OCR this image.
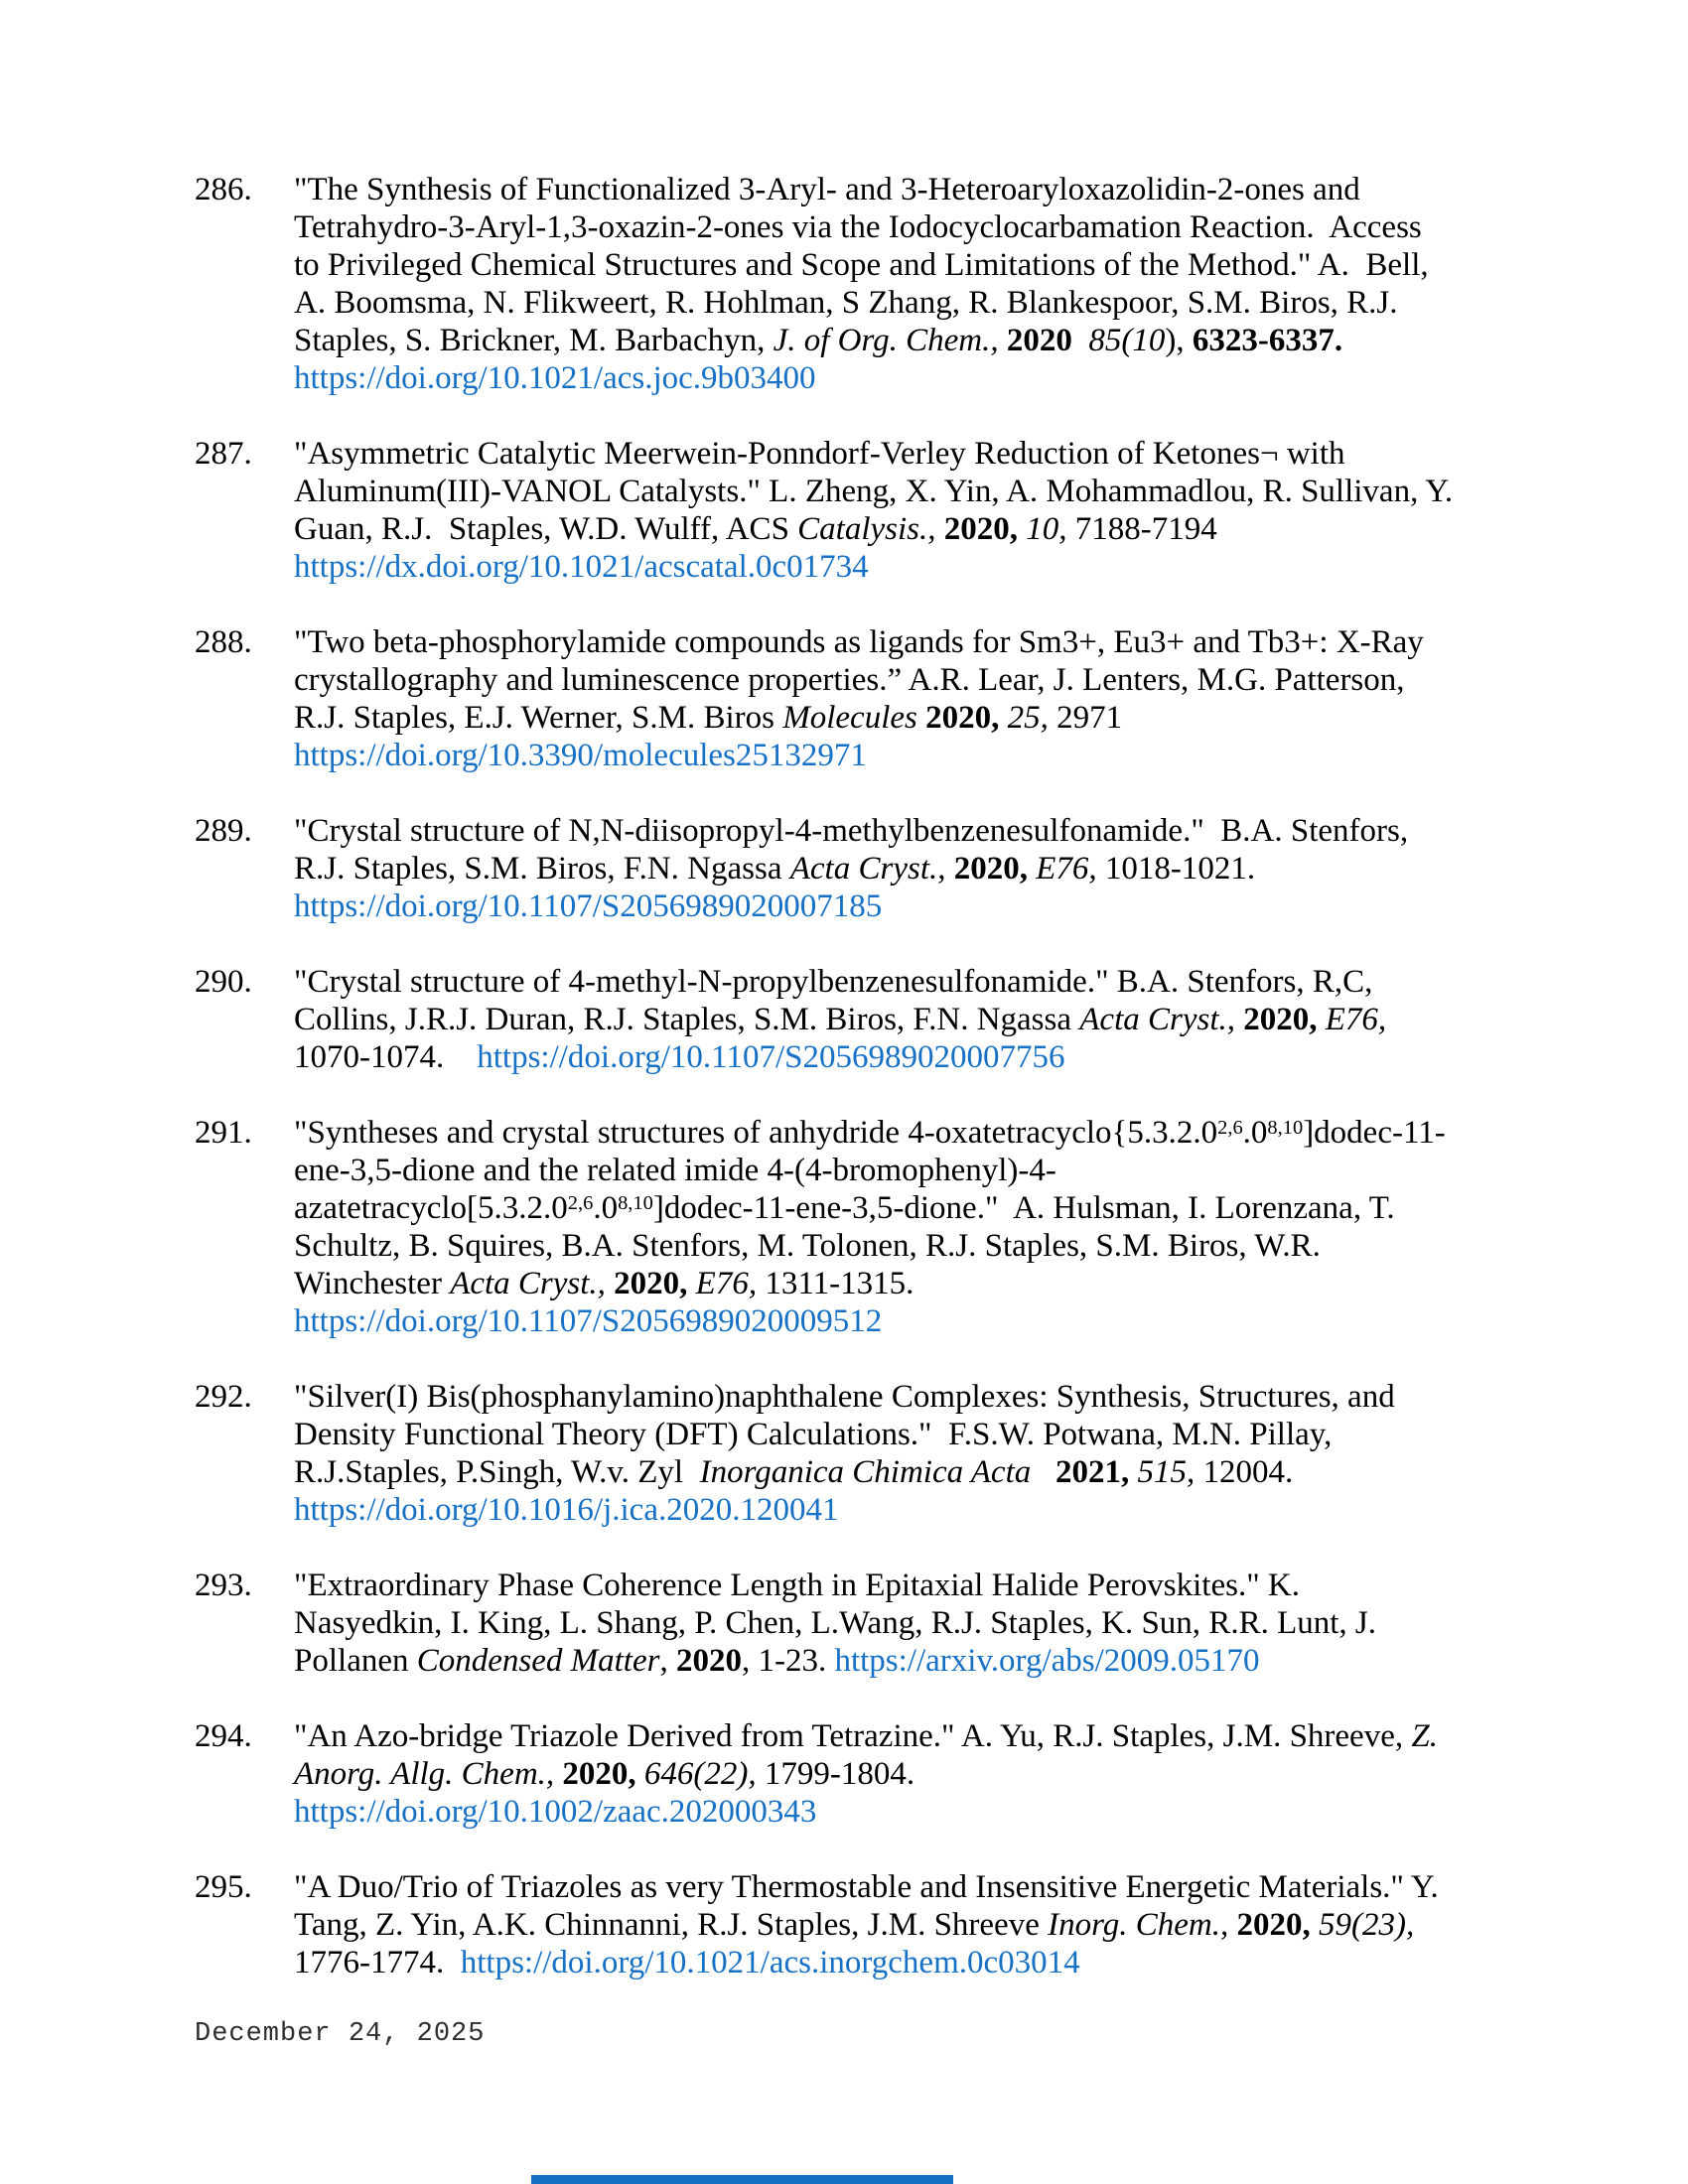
286.	"The Synthesis of Functionalized 3-Aryl- and 3-Heteroaryloxazolidin-2-ones and Tetrahydro-3-Aryl-1,3-oxazin-2-ones via the Iodocyclocarbamation Reaction.  Access to Privileged Chemical Structures and Scope and Limitations of the Method." A.  Bell, A. Boomsma, N. Flikweert, R. Hohlman, S Zhang, R. Blankespoor, S.M. Biros, R.J. Staples, S. Brickner, M. Barbachyn, J. of Org. Chem., 2020 85(10), 6323-6337.
https://doi.org/10.1021/acs.joc.9b03400
287.	"Asymmetric Catalytic Meerwein-Ponndorf-Verley Reduction of Ketones¬ with Aluminum(III)-VANOL Catalysts." L. Zheng, X. Yin, A. Mohammadlou, R. Sullivan, Y. Guan, R.J.  Staples, W.D. Wulff, ACS Catalysis., 2020, 10, 7188-7194
https://dx.doi.org/10.1021/acscatal.0c01734
288.	"Two beta-phosphorylamide compounds as ligands for Sm3+, Eu3+ and Tb3+: X-Ray crystallography and luminescence properties.” A.R. Lear, J. Lenters, M.G. Patterson, R.J. Staples, E.J. Werner, S.M. Biros Molecules 2020, 25, 2971
https://doi.org/10.3390/molecules25132971
289.	"Crystal structure of N,N-diisopropyl-4-methylbenzenesulfonamide."  B.A. Stenfors, R.J. Staples, S.M. Biros, F.N. Ngassa Acta Cryst., 2020, E76, 1018-1021.
https://doi.org/10.1107/S2056989020007185
290.	"Crystal structure of 4-methyl-N-propylbenzenesulfonamide." B.A. Stenfors, R,C, Collins, J.R.J. Duran, R.J. Staples, S.M. Biros, F.N. Ngassa Acta Cryst., 2020, E76, 1070-1074.    https://doi.org/10.1107/S2056989020007756
291.	"Syntheses and crystal structures of anhydride 4-oxatetracyclo{5.3.2.0$^{2,6}$.0$^{8,10}$]dodec-11-ene-3,5-dione and the related imide 4-(4-bromophenyl)-4-azatetracyclo[5.3.2.0$^{2,6}$.0$^{8,10}$]dodec-11-ene-3,5-dione."  A. Hulsman, I. Lorenzana, T. Schultz, B. Squires, B.A. Stenfors, M. Tolonen, R.J. Staples, S.M. Biros, W.R. Winchester Acta Cryst., 2020, E76, 1311-1315.
https://doi.org/10.1107/S2056989020009512
292.	"Silver(I) Bis(phosphanylamino)naphthalene Complexes: Synthesis, Structures, and Density Functional Theory (DFT) Calculations."  F.S.W. Potwana, M.N. Pillay, R.J.Staples, P.Singh, W.v. Zyl  Inorganica Chimica Acta 2021, 515, 12004.
https://doi.org/10.1016/j.ica.2020.120041
293.	"Extraordinary Phase Coherence Length in Epitaxial Halide Perovskites." K. Nasyedkin, I. King, L. Shang, P. Chen, L.Wang, R.J. Staples, K. Sun, R.R. Lunt, J. Pollanen Condensed Matter, 2020, 1-23. https://arxiv.org/abs/2009.05170
294.	"An Azo-bridge Triazole Derived from Tetrazine." A. Yu, R.J. Staples, J.M. Shreeve, Z. Anorg. Allg. Chem., 2020, 646(22), 1799-1804.  https://doi.org/10.1002/zaac.202000343
295.	"A Duo/Trio of Triazoles as very Thermostable and Insensitive Energetic Materials." Y. Tang, Z. Yin, A.K. Chinnanni, R.J. Staples, J.M. Shreeve Inorg. Chem., 2020, 59(23), 1776-1774.  https://doi.org/10.1021/acs.inorgchem.0c03014
December 24, 2025
